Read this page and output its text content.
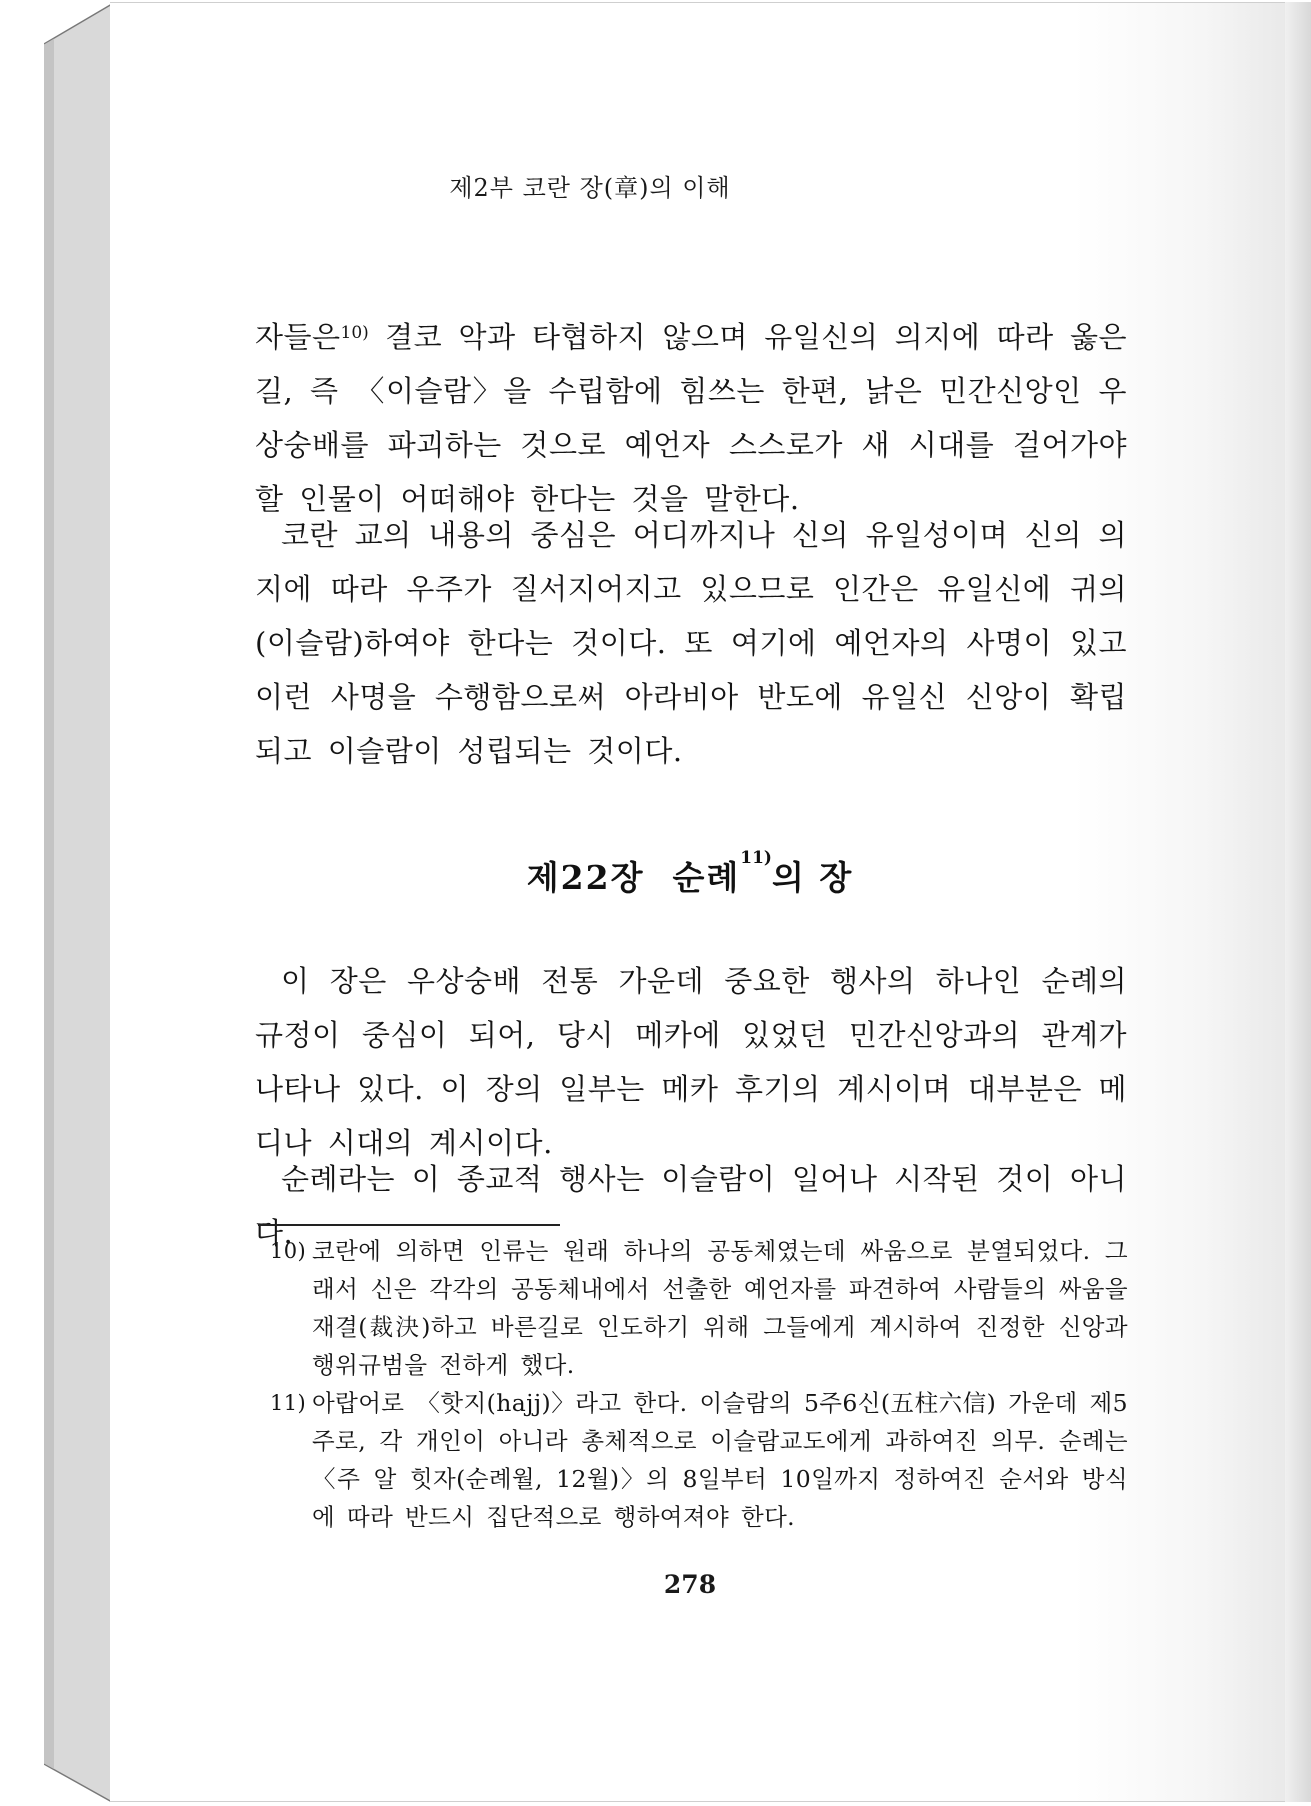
제2부 코란 장(章)의 이해

자들은$^{10)}$ 결코 악과 타협하지 않으며 유일신의 의지에 따라 옳은 길, 즉 〈이슬람〉을 수립함에 힘쓰는 한편, 낡은 민간신앙인 우상숭배를 파괴하는 것으로 예언자 스스로가 새 시대를 걸어가야 할 인물이 어떠해야 한다는 것을 말한다.

코란 교의 내용의 중심은 어디까지나 신의 유일성이며 신의 의지에 따라 우주가 질서지어지고 있으므로 인간은 유일신에 귀의(이슬람)하여야 한다는 것이다. 또 여기에 예언자의 사명이 있고 이런 사명을 수행함으로써 아라비아 반도에 유일신 신앙이 확립되고 이슬람이 성립되는 것이다.

제22장 순례$^{11)}$의 장

이 장은 우상숭배 전통 가운데 중요한 행사의 하나인 순례의 규정이 중심이 되어, 당시 메카에 있었던 민간신앙과의 관계가 나타나 있다. 이 장의 일부는 메카 후기의 계시이며 대부분은 메디나 시대의 계시이다.

순례라는 이 종교적 행사는 이슬람이 일어나 시작된 것이 아니다.

10) 코란에 의하면 인류는 원래 하나의 공동체였는데 싸움으로 분열되었다. 그래서 신은 각각의 공동체내에서 선출한 예언자를 파견하여 사람들의 싸움을 재결(裁決)하고 바른길로 인도하기 위해 그들에게 계시하여 진정한 신앙과 행위규범을 전하게 했다.

11) 아랍어로 〈핫지(hajj)〉라고 한다. 이슬람의 5주6신(五柱六信) 가운데 제5주로, 각 개인이 아니라 총체적으로 이슬람교도에게 과하여진 의무. 순례는 〈주 알 힛자(순례월, 12월)〉의 8일부터 10일까지 정하여진 순서와 방식에 따라 반드시 집단적으로 행하여져야 한다.

278
